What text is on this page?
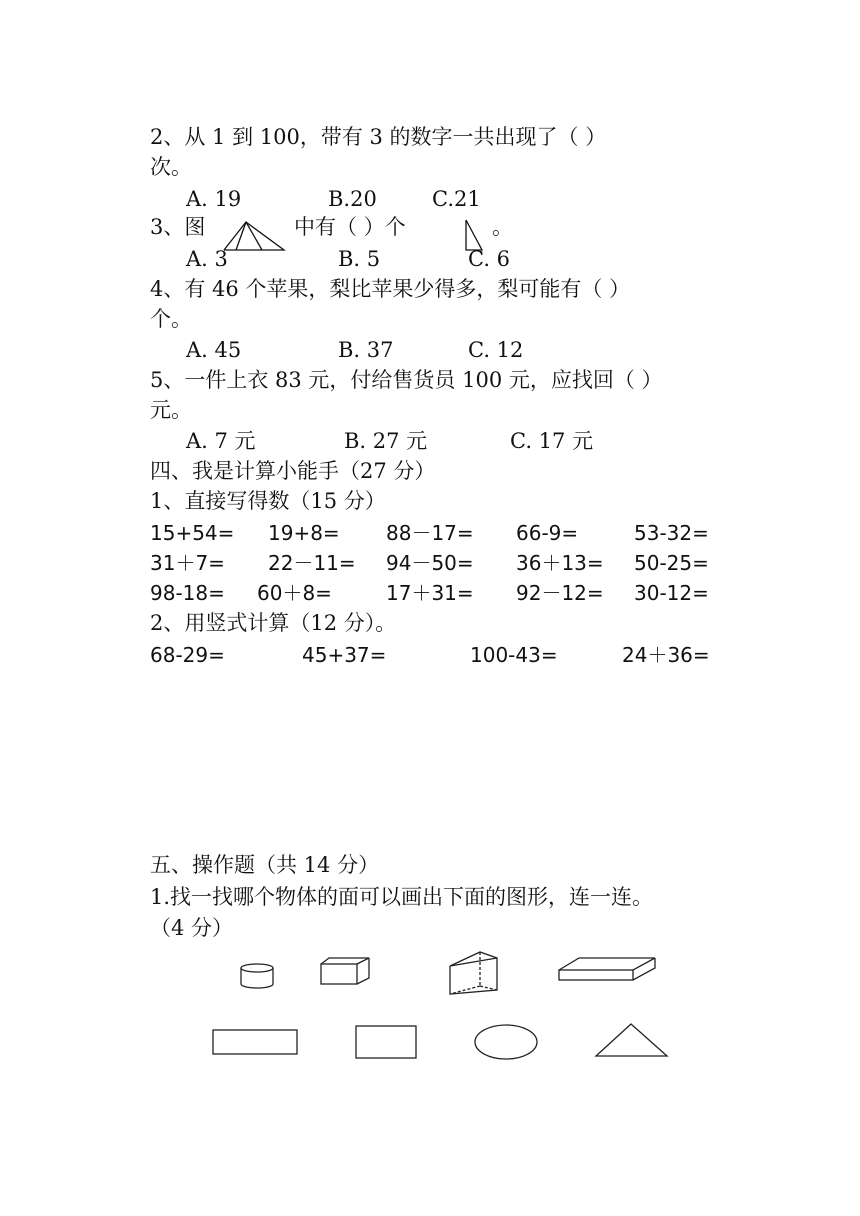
2、从 1 到 100，带有 3 的数字一共出现了（ ）
次。
A. 19	B.20	C.21
3、图	中有（ ）个	。
A. 3	B. 5	C. 6
4、有 46 个苹果，梨比苹果少得多，梨可能有（ ）
个。
A. 45	B. 37	C. 12
5、一件上衣 83 元，付给售货员 100 元，应找回（ ）
元。
A. 7 元	B. 27 元	C. 17 元
四、我是计算小能手（27 分）
1、直接写得数（15 分）
15+54= 19+8= 88－17= 66-9=	53-32=
31＋7= 22－11= 94－50= 36＋13= 50-25=
98-18= 60＋8=	17＋31= 92－12= 30-12=
2、用竖式计算（12 分）。
68-29=	45+37=	100-43=	24＋36=
五、操作题（共 14 分）
1.找一找哪个物体的面可以画出下面的图形，连一连。
（4 分）
